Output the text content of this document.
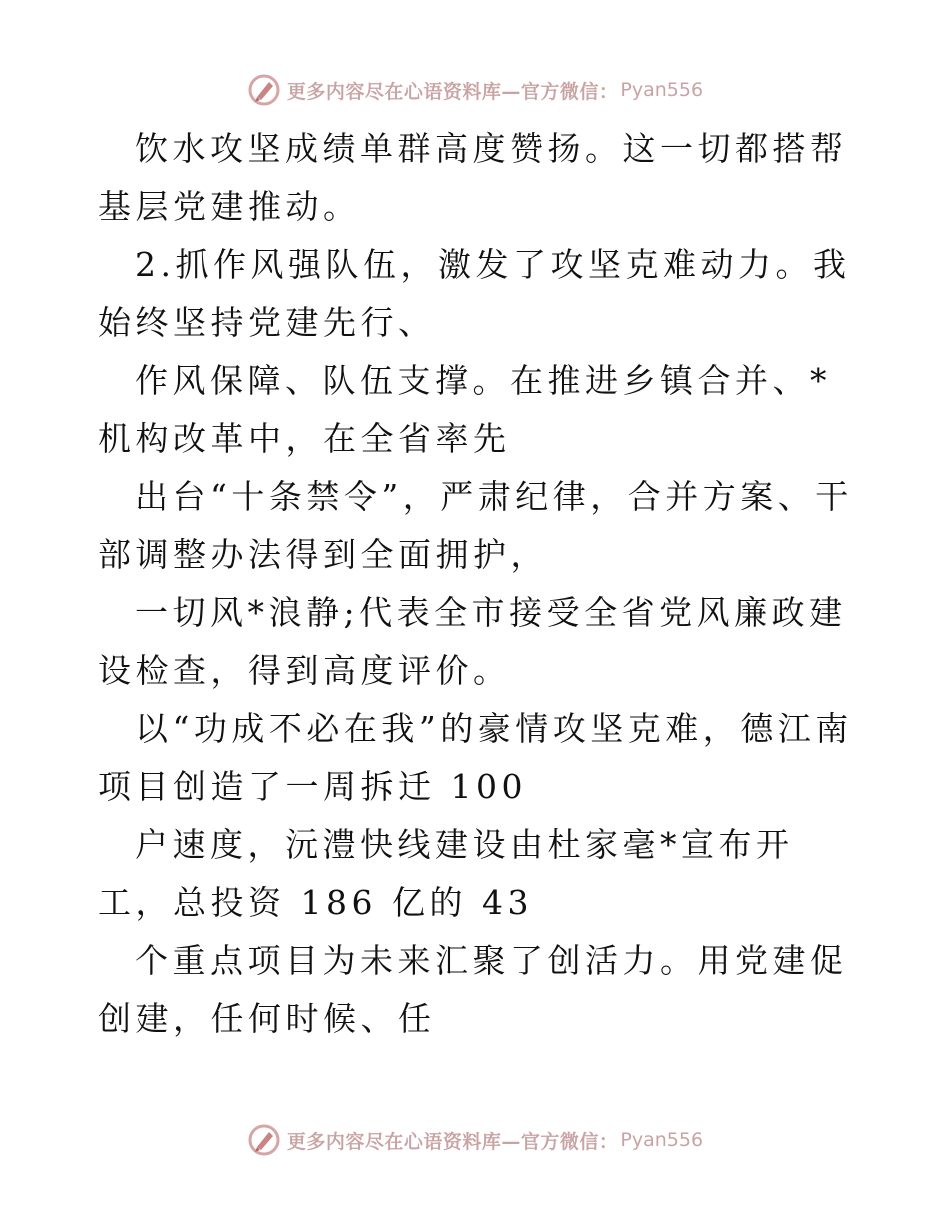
更多内容尽在心语资料库—官方微信： Pyan556

饮水攻坚成绩单群高度赞扬。这一切都搭帮基层党建推动。

2.抓作风强队伍，激发了攻坚克难动力。我始终坚持党建先行、

作风保障、队伍支撑。在推进乡镇合并、*机构改革中，在全省率先

出台“十条禁令”，严肃纪律，合并方案、干部调整办法得到全面拥护，

一切风*浪静;代表全市接受全省党风廉政建设检查，得到高度评价。

以“功成不必在我”的豪情攻坚克难，德江南项目创造了一周拆迁 100

户速度，沅澧快线建设由杜家毫*宣布开工，总投资 186 亿的 43

个重点项目为未来汇聚了创活力。用党建促创建，任何时候、任

更多内容尽在心语资料库—官方微信： Pyan556
